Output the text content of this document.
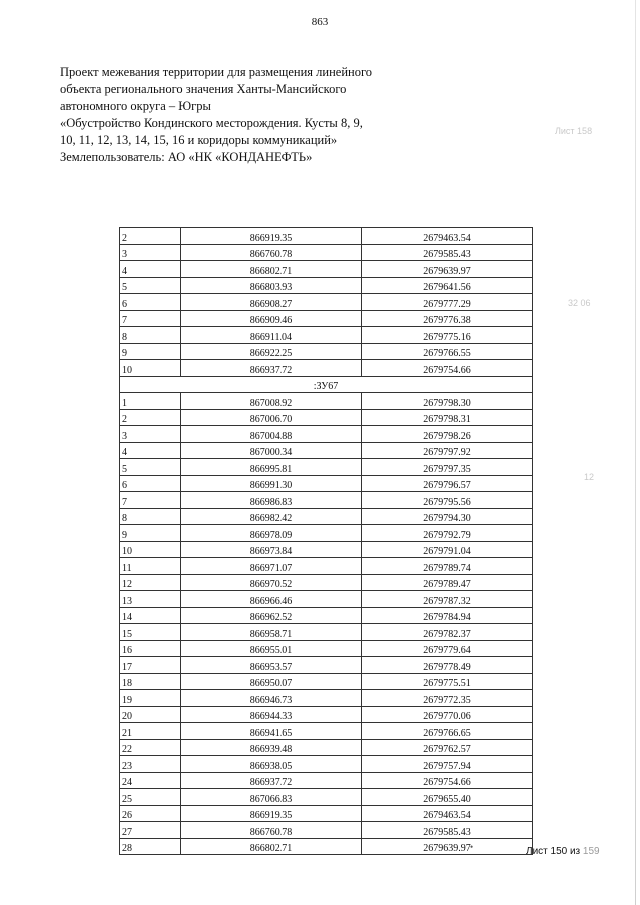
863
Проект межевания территории для размещения линейного
объекта регионального значения Ханты-Мансийского
автономного округа – Югры
«Обустройство Кондинского месторождения. Кусты 8, 9,
10, 11, 12, 13, 14, 15, 16 и коридоры коммуникаций»
Землепользователь: АО «НК «КОНДАНЕФТЬ»
Лист 158
32 06
12
2	866919.35	2679463.54
3	866760.78	2679585.43
4	866802.71	2679639.97
5	866803.93	2679641.56
6	866908.27	2679777.29
7	866909.46	2679776.38
8	866911.04	2679775.16
9	866922.25	2679766.55
10	866937.72	2679754.66
:ЗУ67		
1	867008.92	2679798.30
2	867006.70	2679798.31
3	867004.88	2679798.26
4	867000.34	2679797.92
5	866995.81	2679797.35
6	866991.30	2679796.57
7	866986.83	2679795.56
8	866982.42	2679794.30
9	866978.09	2679792.79
10	866973.84	2679791.04
11	866971.07	2679789.74
12	866970.52	2679789.47
13	866966.46	2679787.32
14	866962.52	2679784.94
15	866958.71	2679782.37
16	866955.01	2679779.64
17	866953.57	2679778.49
18	866950.07	2679775.51
19	866946.73	2679772.35
20	866944.33	2679770.06
21	866941.65	2679766.65
22	866939.48	2679762.57
23	866938.05	2679757.94
24	866937.72	2679754.66
25	867066.83	2679655.40
26	866919.35	2679463.54
27	866760.78	2679585.43
28	866802.71	2679639.97 •	Лист 150 из 159
